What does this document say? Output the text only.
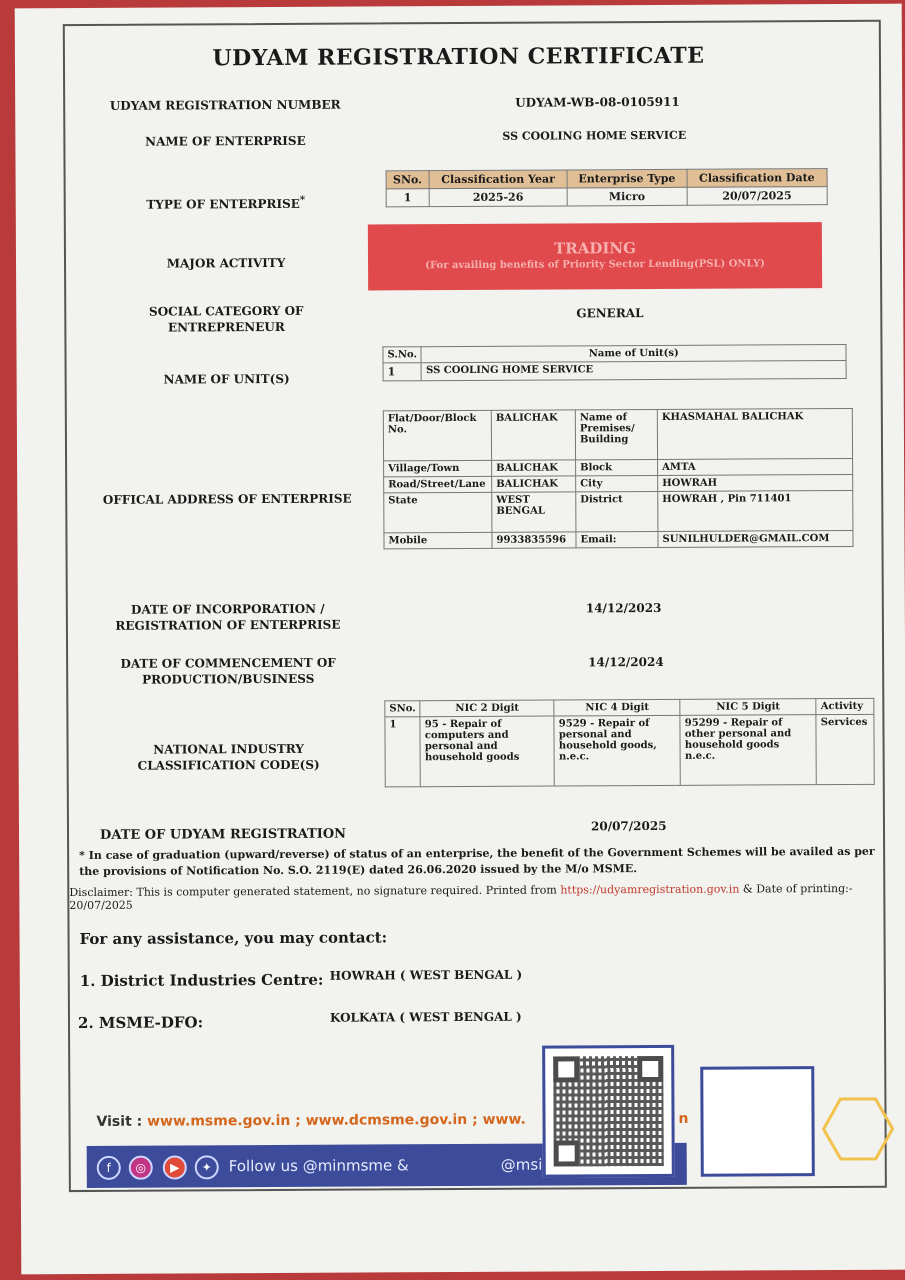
UDYAM REGISTRATION CERTIFICATE
UDYAM REGISTRATION NUMBER	UDYAM-WB-08-0105911
NAME OF ENTERPRISE	SS COOLING HOME SERVICE
TYPE OF ENTERPRISE*
SNo.	Classification Year	Enterprise Type	Classification Date
1	2025-26	Micro	20/07/2025
MAJOR ACTIVITY
TRADING
(For availing benefits of Priority Sector Lending(PSL) ONLY)
SOCIAL CATEGORY OF ENTREPRENEUR
GENERAL
NAME OF UNIT(S)
S.No.	Name of Unit(s)
1	SS COOLING HOME SERVICE
OFFICAL ADDRESS OF ENTERPRISE
Flat/Door/Block No.	BALICHAK	Name of Premises/ Building	KHASMAHAL BALICHAK
Village/Town	BALICHAK	Block	AMTA
Road/Street/Lane	BALICHAK	City	HOWRAH
State	WEST BENGAL	District	HOWRAH , Pin 711401
Mobile	9933835596	Email:	SUNILHULDER@GMAIL.COM
DATE OF INCORPORATION / REGISTRATION OF ENTERPRISE
14/12/2023
DATE OF COMMENCEMENT OF PRODUCTION/BUSINESS
14/12/2024
NATIONAL INDUSTRY CLASSIFICATION CODE(S)
SNo.	NIC 2 Digit	NIC 4 Digit	NIC 5 Digit	Activity
1	95 - Repair of computers and personal and household goods	9529 - Repair of personal and household goods, n.e.c.	95299 - Repair of other personal and household goods n.e.c.	Services
DATE OF UDYAM REGISTRATION
20/07/2025
* In case of graduation (upward/reverse) of status of an enterprise, the benefit of the Government Schemes will be availed as per the provisions of Notification No. S.O. 2119(E) dated 26.06.2020 issued by the M/o MSME.
Disclaimer: This is computer generated statement, no signature required. Printed from https://udyamregistration.gov.in & Date of printing:- 20/07/2025
For any assistance, you may contact:
1. District Industries Centre: HOWRAH ( WEST BENGAL )
2. MSME-DFO:	KOLKATA ( WEST BENGAL )
Visit : www.msme.gov.in ; www.dcmsme.gov.in ; www.	n
f	◎	▶	✦	Follow us @minmsme &	@msi
